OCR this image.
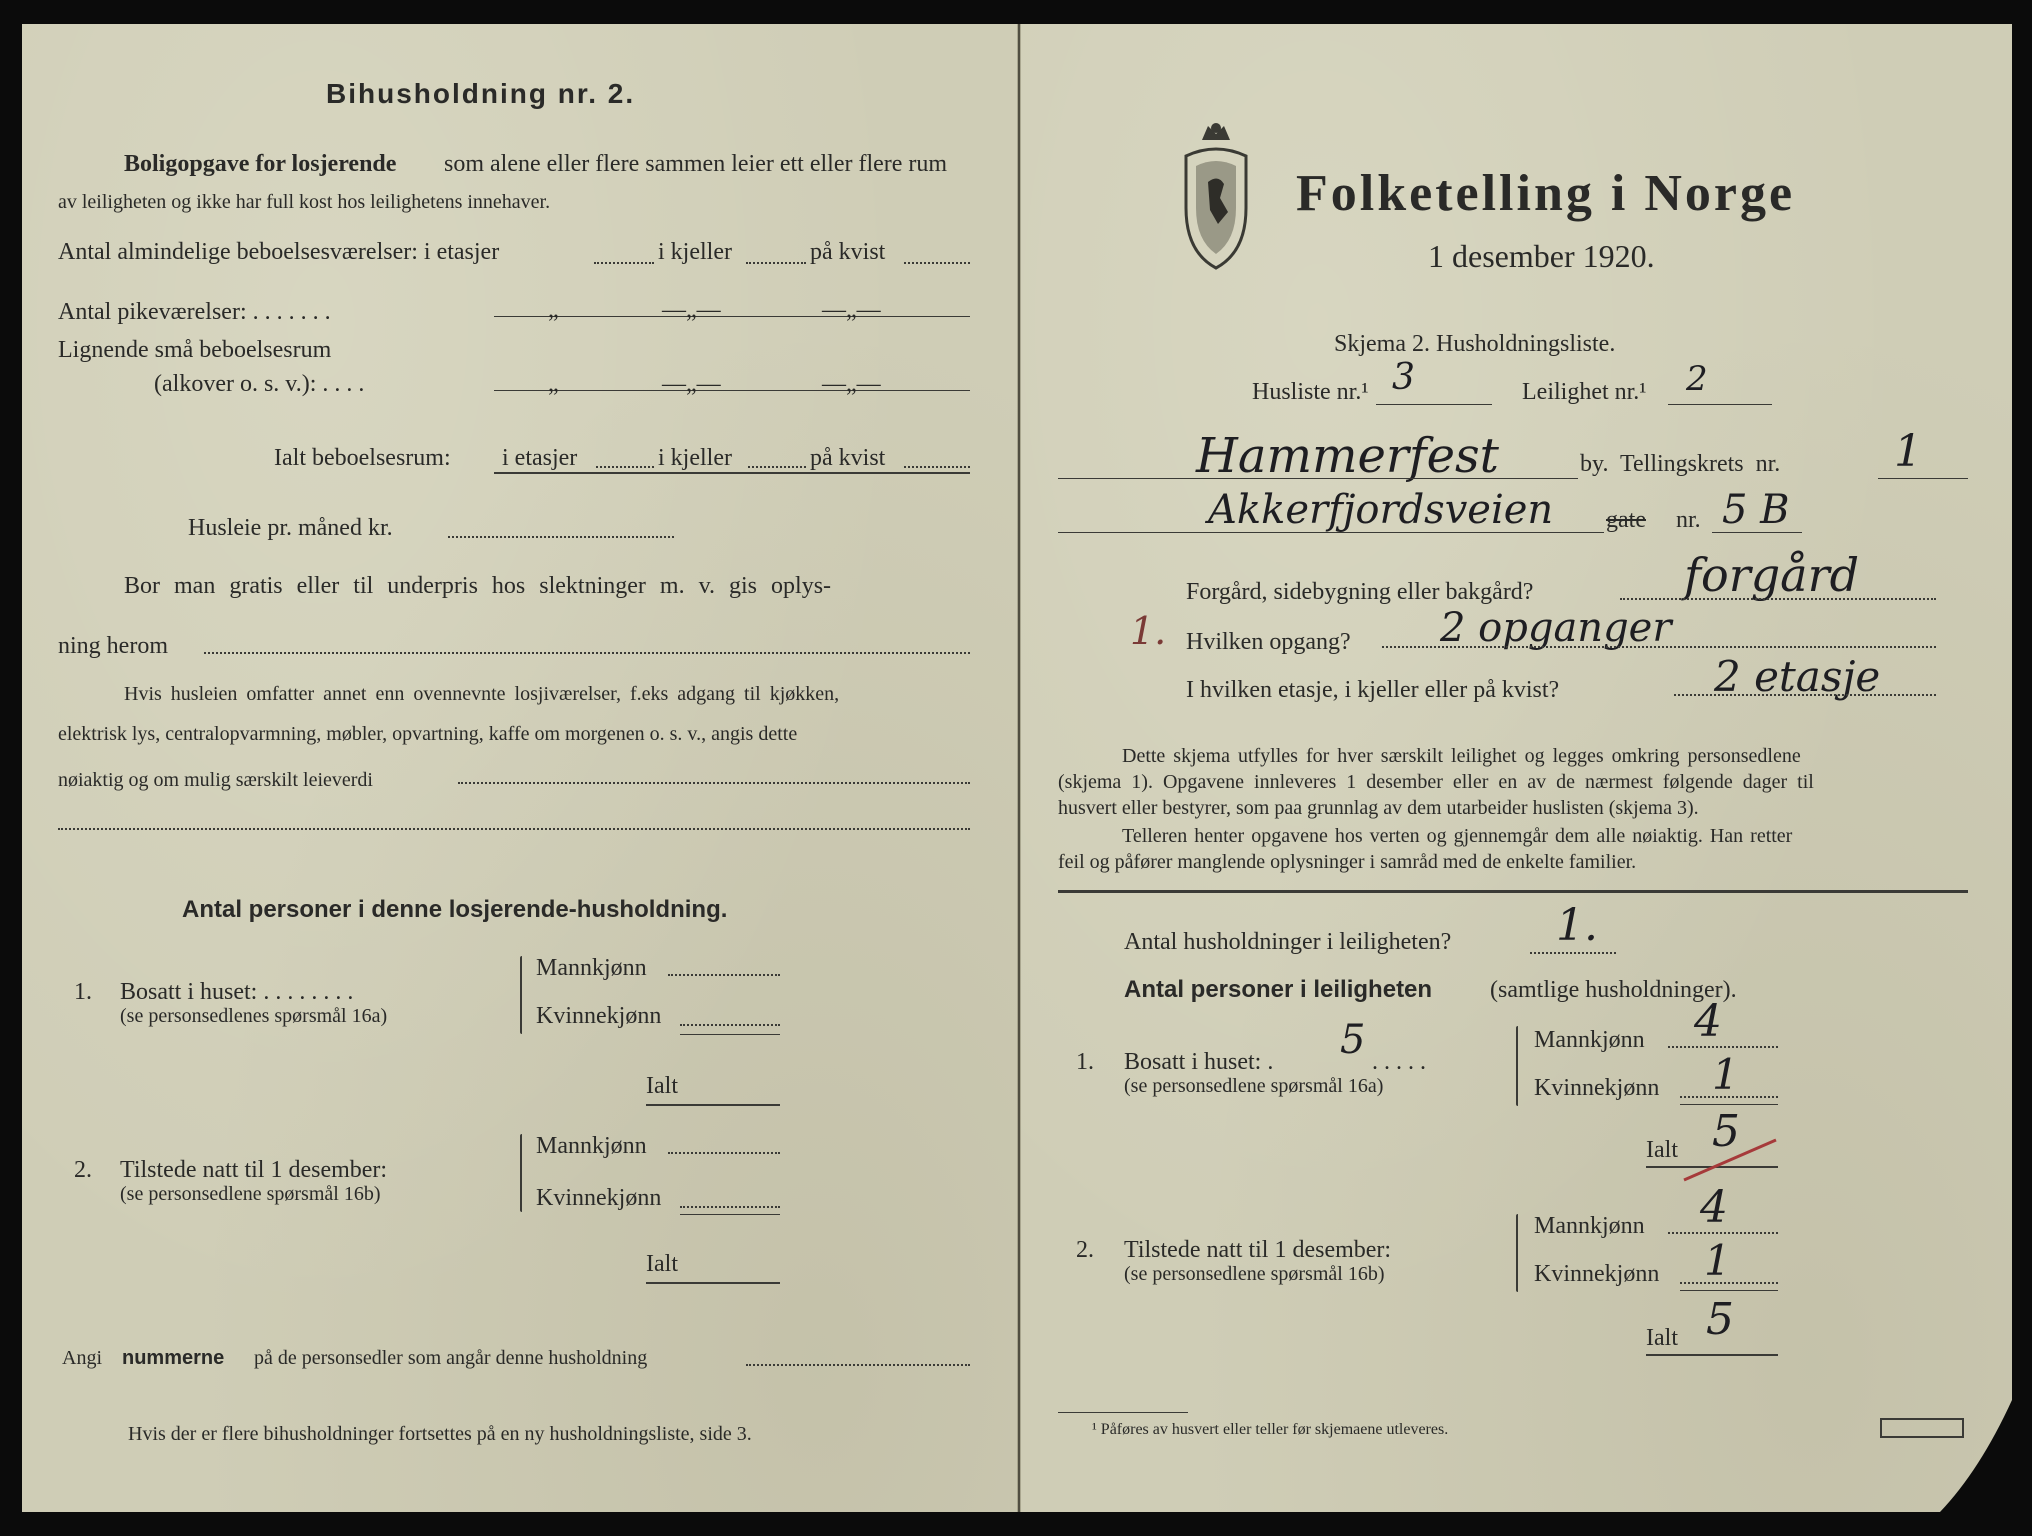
Bihusholdning nr. 2.
Boligopgave for losjerende som alene eller flere sammen leier ett eller flere rum
av leiligheten og ikke har full kost hos leilighetens innehaver.
Antal almindelige beboelsesværelser: i etasjer	i kjeller	på kvist
Antal pikeværelser: . . . . . . .	„	—„—	—„—
Lignende små beboelsesrum
(alkover o. s. v.): . . . .	„	—„—	—„—
Ialt beboelsesrum: i etasjer	i kjeller	på kvist
Husleie pr. måned kr.
Bor man gratis eller til underpris hos slektninger m. v. gis oplys-
ning herom
Hvis husleien omfatter annet enn ovennevnte losjiværelser, f.eks adgang til kjøkken,
elektrisk lys, centralopvarmning, møbler, opvartning, kaffe om morgenen o. s. v., angis dette
nøiaktig og om mulig særskilt leieverdi
Antal personer i denne losjerende-husholdning.
1. Bosatt i huset: . . . . . . . .
(se personsedlenes spørsmål 16a)
Mannkjønn
Kvinnekjønn
Ialt
2. Tilstede natt til 1 desember:
(se personsedlene spørsmål 16b)
Mannkjønn
Kvinnekjønn
Ialt
Angi nummerne på de personsedler som angår denne husholdning
Hvis der er flere bihusholdninger fortsettes på en ny husholdningsliste, side 3.
Folketelling i Norge
1 desember 1920.
Skjema 2. Husholdningsliste.
Husliste nr.¹ 3	Leilighet nr.¹ 2
Hammerfest	by. Tellingskrets nr.	1
Akkerfjordsveien gate nr. 5 B
Forgård, sidebygning eller bakgård?	forgård
1. Hvilken opgang? 2 opganger
I hvilken etasje, i kjeller eller på kvist?	2 etasje
Dette skjema utfylles for hver særskilt leilighet og legges omkring personsedlene
(skjema 1). Opgavene innleveres 1 desember eller en av de nærmest følgende dager til
husvert eller bestyrer, som paa grunnlag av dem utarbeider huslisten (skjema 3).
Telleren henter opgavene hos verten og gjennemgår dem alle nøiaktig. Han retter
feil og påfører manglende oplysninger i samråd med de enkelte familier.
Antal husholdninger i leiligheten? 1.
Antal personer i leiligheten (samtlige husholdninger).
1. Bosatt i huset: . 5 . . . . .
(se personsedlene spørsmål 16a)
Mannkjønn 4
Kvinnekjønn 1
Ialt 5
2. Tilstede natt til 1 desember:
(se personsedlene spørsmål 16b)
Mannkjønn 4
Kvinnekjønn 1
Ialt 5
¹ Påføres av husvert eller teller før skjemaene utleveres.
